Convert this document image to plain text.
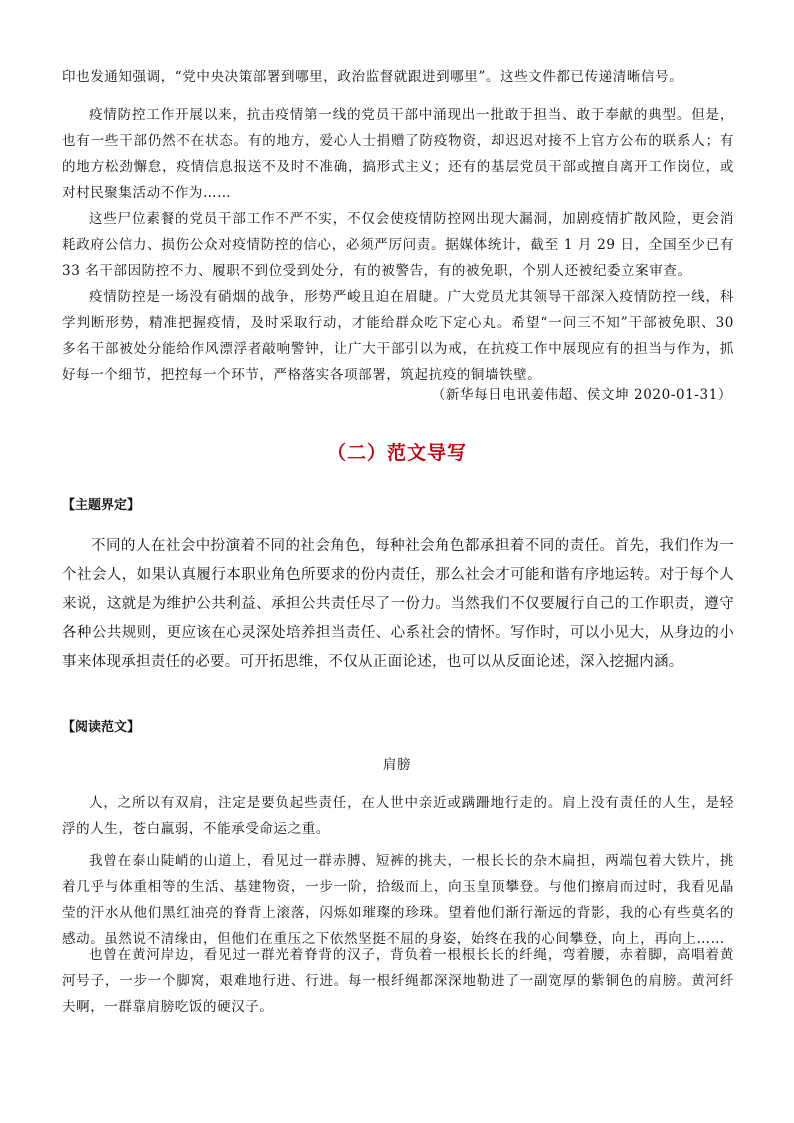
印也发通知强调，“党中央决策部署到哪里，政治监督就跟进到哪里”。这些文件都已传递清晰信号。

疫情防控工作开展以来，抗击疫情第一线的党员干部中涌现出一批敢于担当、敢于奉献的典型。但是，也有一些干部仍然不在状态。有的地方，爱心人士捐赠了防疫物资，却迟迟对接不上官方公布的联系人；有的地方松劲懈怠，疫情信息报送不及时不准确，搞形式主义；还有的基层党员干部或擅自离开工作岗位，或对村民聚集活动不作为……

这些尸位素餐的党员干部工作不严不实，不仅会使疫情防控网出现大漏洞，加剧疫情扩散风险，更会消耗政府公信力、损伤公众对疫情防控的信心，必须严厉问责。据媒体统计，截至 1 月 29 日，全国至少已有 33 名干部因防控不力、履职不到位受到处分，有的被警告，有的被免职，个别人还被纪委立案审查。

疫情防控是一场没有硝烟的战争，形势严峻且迫在眉睫。广大党员尤其领导干部深入疫情防控一线，科学判断形势，精准把握疫情，及时采取行动，才能给群众吃下定心丸。希望“一问三不知”干部被免职、30 多名干部被处分能给作风漂浮者敲响警钟，让广大干部引以为戒，在抗疫工作中展现应有的担当与作为，抓好每一个细节，把控每一个环节，严格落实各项部署，筑起抗疫的铜墙铁壁。

（新华每日电讯姜伟超、侯文坤 2020-01-31）
（二）范文导写
【主题界定】

不同的人在社会中扮演着不同的社会角色，每种社会角色都承担着不同的责任。首先，我们作为一个社会人，如果认真履行本职业角色所要求的份内责任，那么社会才可能和谐有序地运转。对于每个人来说，这就是为维护公共利益、承担公共责任尽了一份力。当然我们不仅要履行自己的工作职责，遵守各种公共规则，更应该在心灵深处培养担当责任、心系社会的情怀。写作时，可以小见大，从身边的小事来体现承担责任的必要。可开拓思维，不仅从正面论述，也可以从反面论述，深入挖掘内涵。

【阅读范文】
肩膀

人，之所以有双肩，注定是要负起些责任，在人世中亲近或蹒跚地行走的。肩上没有责任的人生，是轻浮的人生，苍白羸弱，不能承受命运之重。

我曾在泰山陡峭的山道上，看见过一群赤膊、短裤的挑夫，一根长长的杂木扁担，两端包着大铁片，挑着几乎与体重相等的生活、基建物资，一步一阶，拾级而上，向玉皇顶攀登。与他们擦肩而过时，我看见晶莹的汗水从他们黑红油亮的脊背上滚落，闪烁如璀璨的珍珠。望着他们渐行渐远的背影，我的心有些莫名的感动。虽然说不清缘由，但他们在重压之下依然坚挺不屈的身姿，始终在我的心间攀登，向上，再向上……

也曾在黄河岸边，看见过一群光着脊背的汉子，背负着一根根长长的纤绳，弯着腰，赤着脚，高唱着黄河号子，一步一个脚窝，艰难地行进、行进。每一根纤绳都深深地勒进了一副宽厚的紫铜色的肩膀。黄河纤夫啊，一群靠肩膀吃饭的硬汉子。
